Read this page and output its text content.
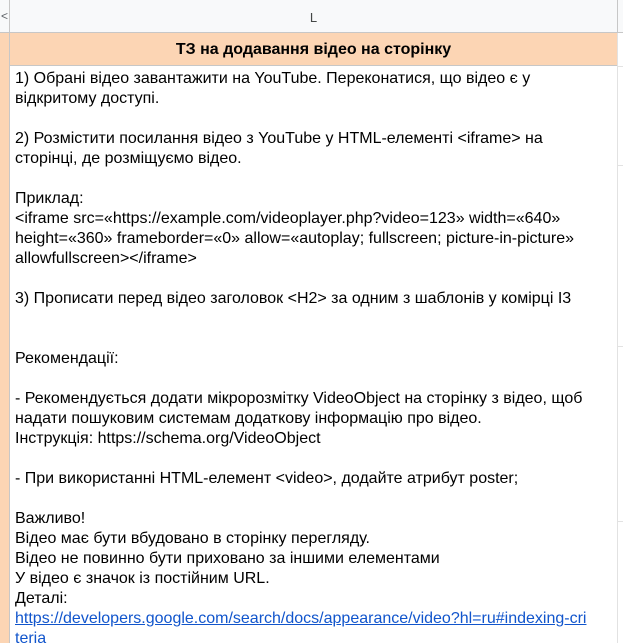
<	L
ТЗ на додавання відео на сторінку

1) Обрані відео завантажити на YouTube. Переконатися, що відео є у

відкритому доступі.

2) Розмістити посилання відео з YouTube у HTML-елементі <iframe> на

сторінці, де розміщуємо відео.

Приклад:

<iframe src=«https://example.com/videoplayer.php?video=123» width=«640»

height=«360» frameborder=«0» allow=«autoplay; fullscreen; picture-in-picture»

allowfullscreen></iframe>

3) Прописати перед відео заголовок <H2> за одним з шаблонів у комірці I3

Рекомендації:

- Рекомендується додати мікророзмітку VideoObject на сторінку з відео, щоб

надати пошуковим системам додаткову інформацію про відео.

Інструкція: https://schema.org/VideoObject

- При використанні HTML-елемент <video>, додайте атрибут poster;

Важливо!

Відео має бути вбудовано в сторінку перегляду.

Відео не повинно бути приховано за іншими елементами

У відео є значок із постійним URL.

Деталі:

https://developers.google.com/search/docs/appearance/video?hl=ru#indexing-cri

teria
